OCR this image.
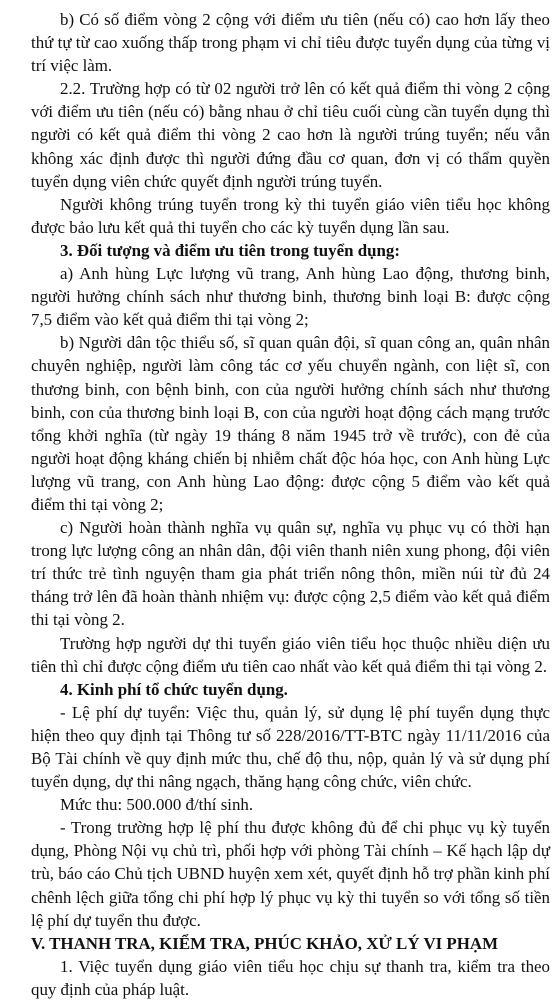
b) Có số điểm vòng 2 cộng với điểm ưu tiên (nếu có) cao hơn lấy theo thứ tự từ cao xuống thấp trong phạm vi chỉ tiêu được tuyển dụng của từng vị trí việc làm.

2.2. Trường hợp có từ 02 người trở lên có kết quả điểm thi vòng 2 cộng với điểm ưu tiên (nếu có) bằng nhau ở chỉ tiêu cuối cùng cần tuyển dụng thì người có kết quả điểm thi vòng 2 cao hơn là người trúng tuyển; nếu vẫn không xác định được thì người đứng đầu cơ quan, đơn vị có thẩm quyền tuyển dụng viên chức quyết định người trúng tuyển.

Người không trúng tuyển trong kỳ thi tuyển giáo viên tiểu học không được bảo lưu kết quả thi tuyển cho các kỳ tuyển dụng lần sau.

3. Đối tượng và điểm ưu tiên trong tuyển dụng:

a) Anh hùng Lực lượng vũ trang, Anh hùng Lao động, thương binh, người hưởng chính sách như thương binh, thương binh loại B: được cộng 7,5 điểm vào kết quả điểm thi tại vòng 2;

b) Người dân tộc thiểu số, sĩ quan quân đội, sĩ quan công an, quân nhân chuyên nghiệp, người làm công tác cơ yếu chuyển ngành, con liệt sĩ, con thương binh, con bệnh binh, con của người hưởng chính sách như thương binh, con của thương binh loại B, con của người hoạt động cách mạng trước tổng khởi nghĩa (từ ngày 19 tháng 8 năm 1945 trở về trước), con đẻ của người hoạt động kháng chiến bị nhiễm chất độc hóa học, con Anh hùng Lực lượng vũ trang, con Anh hùng Lao động: được cộng 5 điểm vào kết quả điểm thi tại vòng 2;

c) Người hoàn thành nghĩa vụ quân sự, nghĩa vụ phục vụ có thời hạn trong lực lượng công an nhân dân, đội viên thanh niên xung phong, đội viên trí thức trẻ tình nguyện tham gia phát triển nông thôn, miền núi từ đủ 24 tháng trở lên đã hoàn thành nhiệm vụ: được cộng 2,5 điểm vào kết quả điểm thi tại vòng 2.

Trường hợp người dự thi tuyển giáo viên tiểu học thuộc nhiều diện ưu tiên thì chỉ được cộng điểm ưu tiên cao nhất vào kết quả điểm thi tại vòng 2.

4. Kinh phí tổ chức tuyển dụng.

- Lệ phí dự tuyển: Việc thu, quản lý, sử dụng lệ phí tuyển dụng thực hiện theo quy định tại Thông tư số 228/2016/TT-BTC ngày 11/11/2016 của Bộ Tài chính về quy định mức thu, chế độ thu, nộp, quản lý và sử dụng phí tuyển dụng, dự thi nâng ngạch, thăng hạng công chức, viên chức.

Mức thu: 500.000 đ/thí sinh.

- Trong trường hợp lệ phí thu được không đủ để chi phục vụ kỳ tuyển dụng, Phòng Nội vụ chủ trì, phối hợp với phòng Tài chính – Kế hạch lập dự trù, báo cáo Chủ tịch UBND huyện xem xét, quyết định hỗ trợ phần kinh phí chênh lệch giữa tổng chi phí hợp lý phục vụ kỳ thi tuyển so với tổng số tiền lệ phí dự tuyển thu được.

V. THANH TRA, KIỂM TRA, PHÚC KHẢO, XỬ LÝ VI PHẠM

1. Việc tuyển dụng giáo viên tiểu học chịu sự thanh tra, kiểm tra theo quy định của pháp luật.
